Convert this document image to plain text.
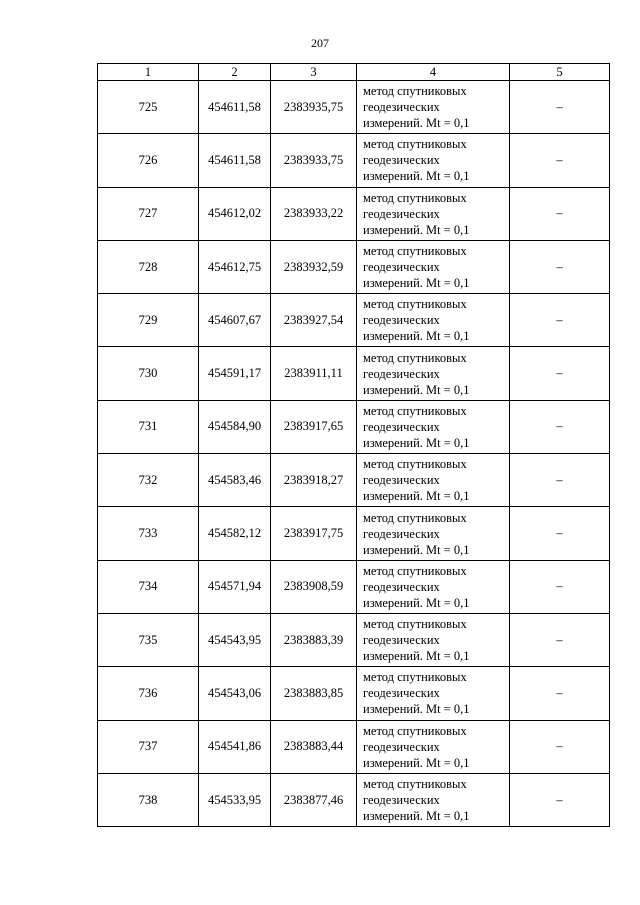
207
1	2	3	4	5
725	454611,58	2383935,75	метод спутниковых
геодезических
измерений. Mt = 0,1	–
726	454611,58	2383933,75	метод спутниковых
геодезических
измерений. Mt = 0,1	–
727	454612,02	2383933,22	метод спутниковых
геодезических
измерений. Mt = 0,1	–
728	454612,75	2383932,59	метод спутниковых
геодезических
измерений. Mt = 0,1	–
729	454607,67	2383927,54	метод спутниковых
геодезических
измерений. Mt = 0,1	–
730	454591,17	2383911,11	метод спутниковых
геодезических
измерений. Mt = 0,1	–
731	454584,90	2383917,65	метод спутниковых
геодезических
измерений. Mt = 0,1	–
732	454583,46	2383918,27	метод спутниковых
геодезических
измерений. Mt = 0,1	–
733	454582,12	2383917,75	метод спутниковых
геодезических
измерений. Mt = 0,1	–
734	454571,94	2383908,59	метод спутниковых
геодезических
измерений. Mt = 0,1	–
735	454543,95	2383883,39	метод спутниковых
геодезических
измерений. Mt = 0,1	–
736	454543,06	2383883,85	метод спутниковых
геодезических
измерений. Mt = 0,1	–
737	454541,86	2383883,44	метод спутниковых
геодезических
измерений. Mt = 0,1	–
738	454533,95	2383877,46	метод спутниковых
геодезических
измерений. Mt = 0,1	–
